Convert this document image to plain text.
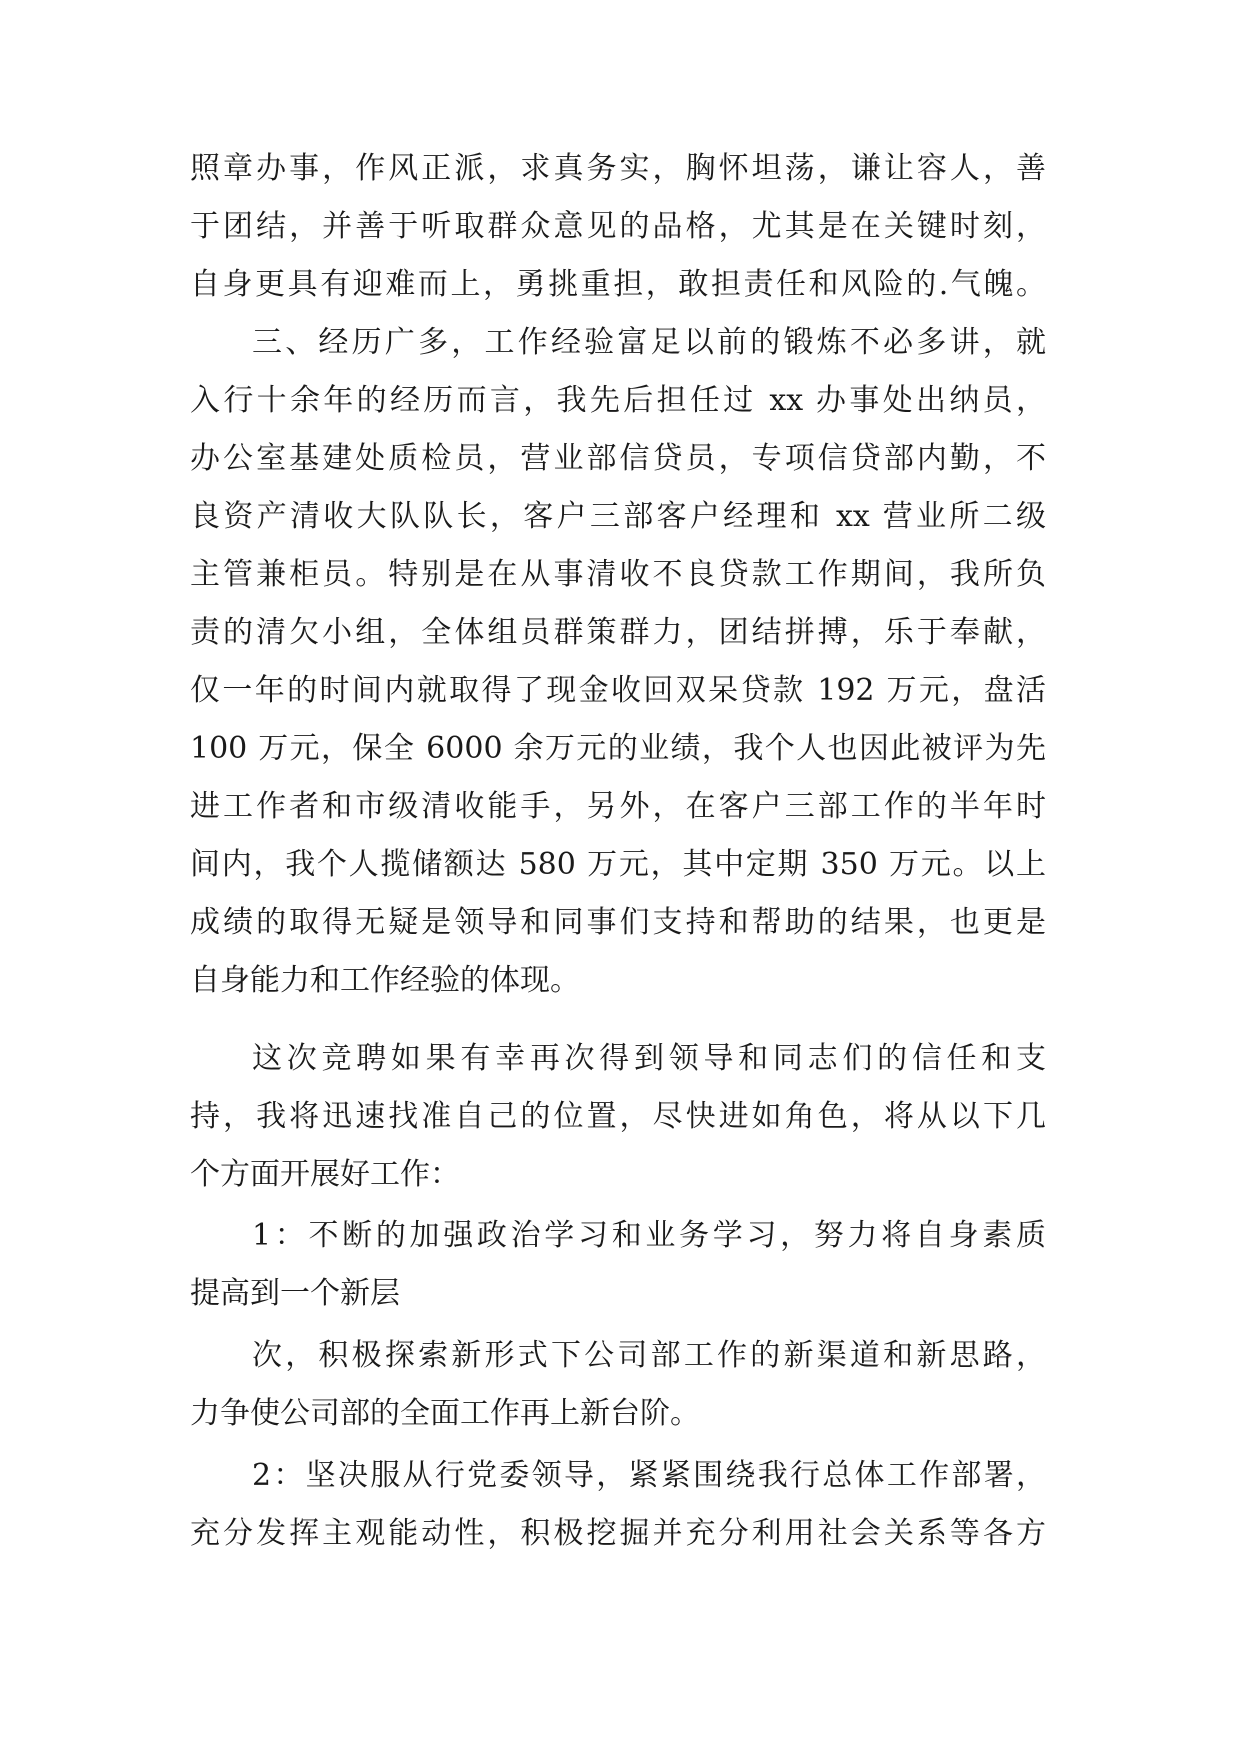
照章办事，作风正派，求真务实，胸怀坦荡，谦让容人，善
于团结，并善于听取群众意见的品格，尤其是在关键时刻，
自身更具有迎难而上，勇挑重担，敢担责任和风险的.气魄。
三、经历广多，工作经验富足以前的锻炼不必多讲，就
入行十余年的经历而言，我先后担任过 xx 办事处出纳员，
办公室基建处质检员，营业部信贷员，专项信贷部内勤，不
良资产清收大队队长，客户三部客户经理和 xx 营业所二级
主管兼柜员。特别是在从事清收不良贷款工作期间，我所负
责的清欠小组，全体组员群策群力，团结拼搏，乐于奉献，
仅一年的时间内就取得了现金收回双呆贷款 192 万元，盘活
100 万元，保全 6000 余万元的业绩，我个人也因此被评为先
进工作者和市级清收能手，另外，在客户三部工作的半年时
间内，我个人揽储额达 580 万元，其中定期 350 万元。以上
成绩的取得无疑是领导和同事们支持和帮助的结果，也更是
自身能力和工作经验的体现。
这次竞聘如果有幸再次得到领导和同志们的信任和支
持，我将迅速找准自己的位置，尽快进如角色，将从以下几
个方面开展好工作：
1：不断的加强政治学习和业务学习，努力将自身素质
提高到一个新层
次，积极探索新形式下公司部工作的新渠道和新思路，
力争使公司部的全面工作再上新台阶。
2：坚决服从行党委领导，紧紧围绕我行总体工作部署，
充分发挥主观能动性，积极挖掘并充分利用社会关系等各方
